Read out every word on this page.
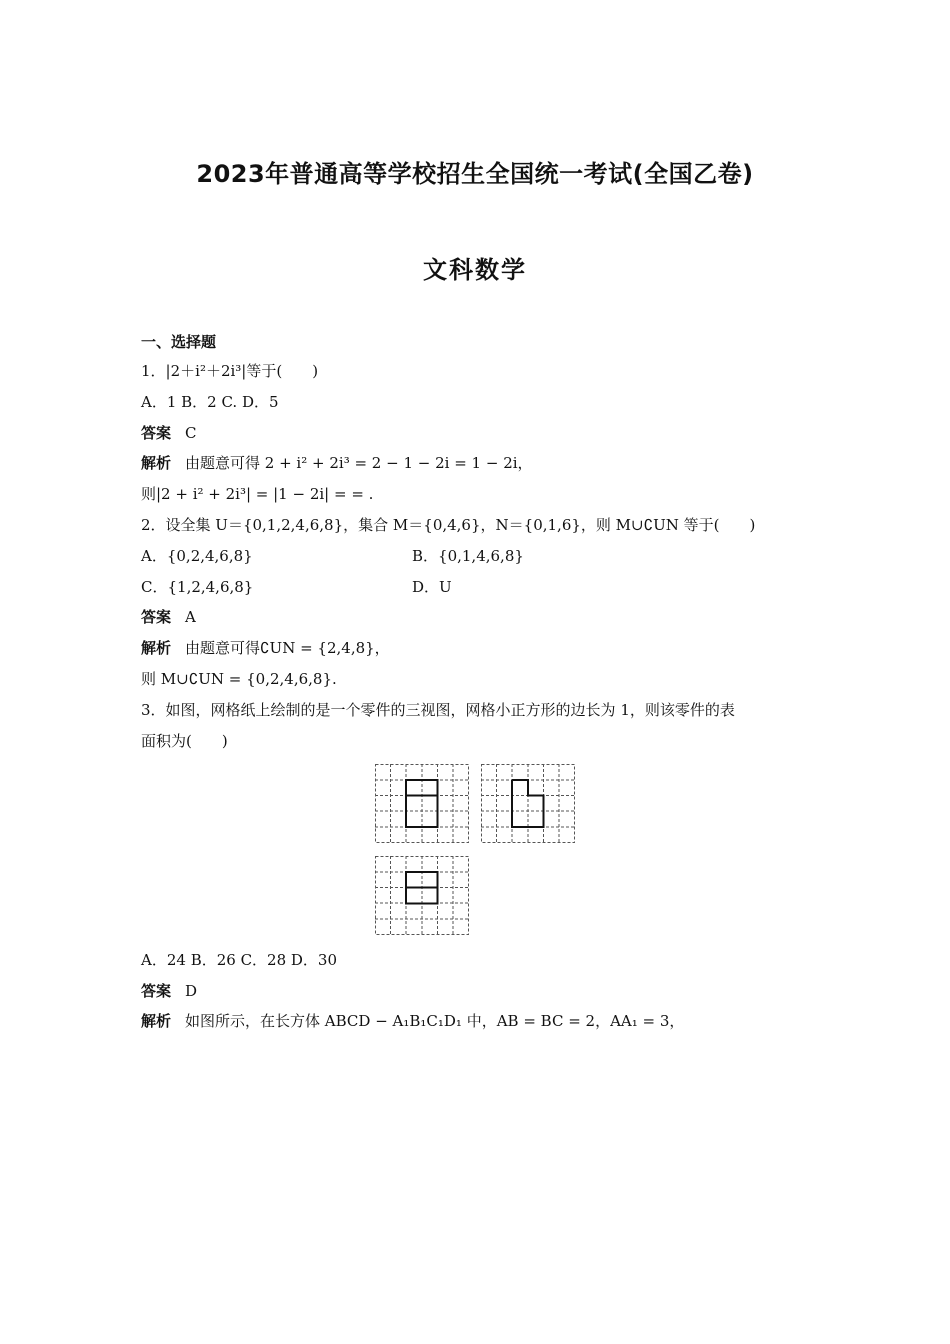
2023年普通高等学校招生全国统一考试(全国乙卷)
文科数学
一、选择题
1．|2＋i²＋2i³|等于(　　)
A．1 B．2 C. D．5
答案 C
解析 由题意可得 2 + i² + 2i³ = 2 − 1 − 2i = 1 − 2i，
则|2 + i² + 2i³| = |1 − 2i| = = .
2．设全集 U＝{0,1,2,4,6,8}，集合 M＝{0,4,6}，N＝{0,1,6}，则 M∪∁UN 等于(　　)
A．{0,2,4,6,8}	B．{0,1,4,6,8}
C．{1,2,4,6,8}	D．U
答案 A
解析 由题意可得∁UN = {2,4,8}，
则 M∪∁UN = {0,2,4,6,8}.
3．如图，网格纸上绘制的是一个零件的三视图，网格小正方形的边长为 1，则该零件的表
面积为(　　)
A．24 B．26 C．28 D．30
答案 D
解析 如图所示，在长方体 ABCD − A₁B₁C₁D₁ 中，AB = BC = 2，AA₁ = 3，
